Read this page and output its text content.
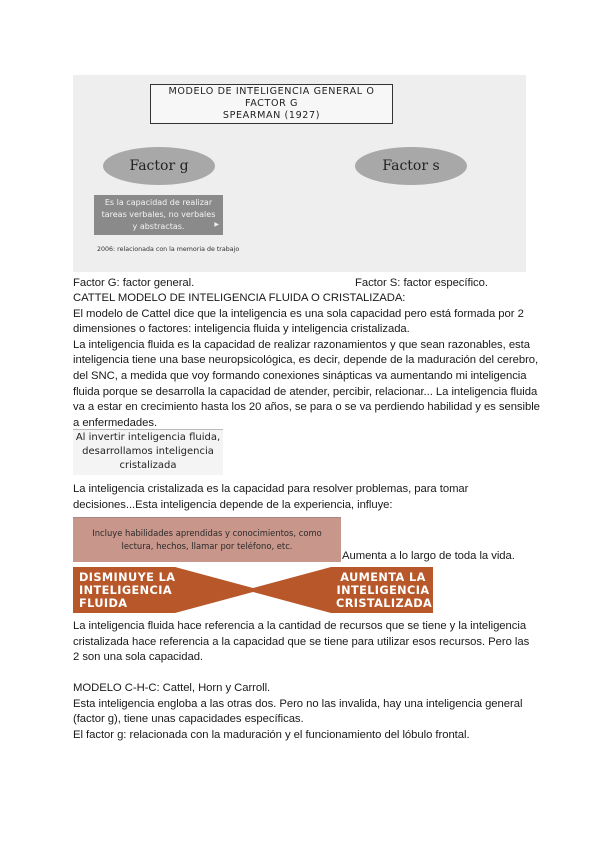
MODELO DE INTELIGENCIA GENERAL O
FACTOR G
SPEARMAN (1927)
Factor g	Factor s
Es la capacidad de realizar
tareas verbales, no verbales
y abstractas.	▶
2006: relacionada con la memoria de trabajo
Factor G: factor general.	Factor S: factor específico.
CATTEL MODELO DE INTELIGENCIA FLUIDA O CRISTALIZADA:
El modelo de Cattel dice que la inteligencia es una sola capacidad pero está formada por 2
dimensiones o factores: inteligencia fluida y inteligencia cristalizada.
La inteligencia fluida es la capacidad de realizar razonamientos y que sean razonables, esta
inteligencia tiene una base neuropsicológica, es decir, depende de la maduración del cerebro,
del SNC, a medida que voy formando conexiones sinápticas va aumentando mi inteligencia
fluida porque se desarrolla la capacidad de atender, percibir, relacionar... La inteligencia fluida
va a estar en crecimiento hasta los 20 años, se para o se va perdiendo habilidad y es sensible
a enfermedades.
Al invertir inteligencia fluida,
desarrollamos inteligencia
cristalizada
La inteligencia cristalizada es la capacidad para resolver problemas, para tomar
decisiones...Esta inteligencia depende de la experiencia, influye:
Incluye habilidades aprendidas y conocimientos, como
lectura, hechos, llamar por teléfono, etc.
Aumenta a lo largo de toda la vida.
DISMINUYE LA
INTELIGENCIA
FLUIDA
AUMENTA LA
INTELIGENCIA
CRISTALIZADA
La inteligencia fluida hace referencia a la cantidad de recursos que se tiene y la inteligencia
cristalizada hace referencia a la capacidad que se tiene para utilizar esos recursos. Pero las
2 son una sola capacidad.
MODELO C-H-C: Cattel, Horn y Carroll.
Esta inteligencia engloba a las otras dos. Pero no las invalida, hay una inteligencia general
(factor g), tiene unas capacidades específicas.
El factor g: relacionada con la maduración y el funcionamiento del lóbulo frontal.
